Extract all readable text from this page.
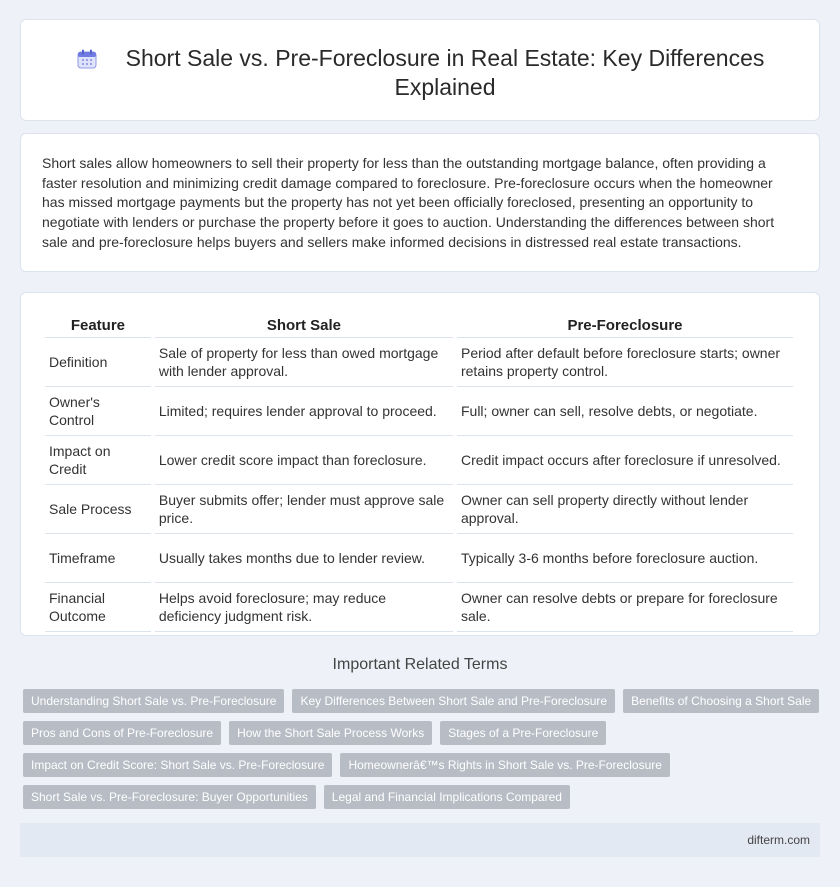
Short Sale vs. Pre-Foreclosure in Real Estate: Key Differences Explained

Short sales allow homeowners to sell their property for less than the outstanding mortgage balance, often providing a faster resolution and minimizing credit damage compared to foreclosure. Pre-foreclosure occurs when the homeowner has missed mortgage payments but the property has not yet been officially foreclosed, presenting an opportunity to negotiate with lenders or purchase the property before it goes to auction. Understanding the differences between short sale and pre-foreclosure helps buyers and sellers make informed decisions in distressed real estate transactions.

Feature	Short Sale	Pre-Foreclosure
Definition	Sale of property for less than owed mortgage with lender approval.	Period after default before foreclosure starts; owner retains property control.
Owner's Control	Limited; requires lender approval to proceed.	Full; owner can sell, resolve debts, or negotiate.
Impact on Credit	Lower credit score impact than foreclosure.	Credit impact occurs after foreclosure if unresolved.
Sale Process	Buyer submits offer; lender must approve sale price.	Owner can sell property directly without lender approval.
Timeframe	Usually takes months due to lender review.	Typically 3-6 months before foreclosure auction.
Financial Outcome	Helps avoid foreclosure; may reduce deficiency judgment risk.	Owner can resolve debts or prepare for foreclosure sale.
Important Related Terms
Understanding Short Sale vs. Pre-Foreclosure	Key Differences Between Short Sale and Pre-Foreclosure	Benefits of Choosing a Short Sale
Pros and Cons of Pre-Foreclosure	How the Short Sale Process Works	Stages of a Pre-Foreclosure
Impact on Credit Score: Short Sale vs. Pre-Foreclosure	Homeownerâ€™s Rights in Short Sale vs. Pre-Foreclosure
Short Sale vs. Pre-Foreclosure: Buyer Opportunities	Legal and Financial Implications Compared
difterm.com
